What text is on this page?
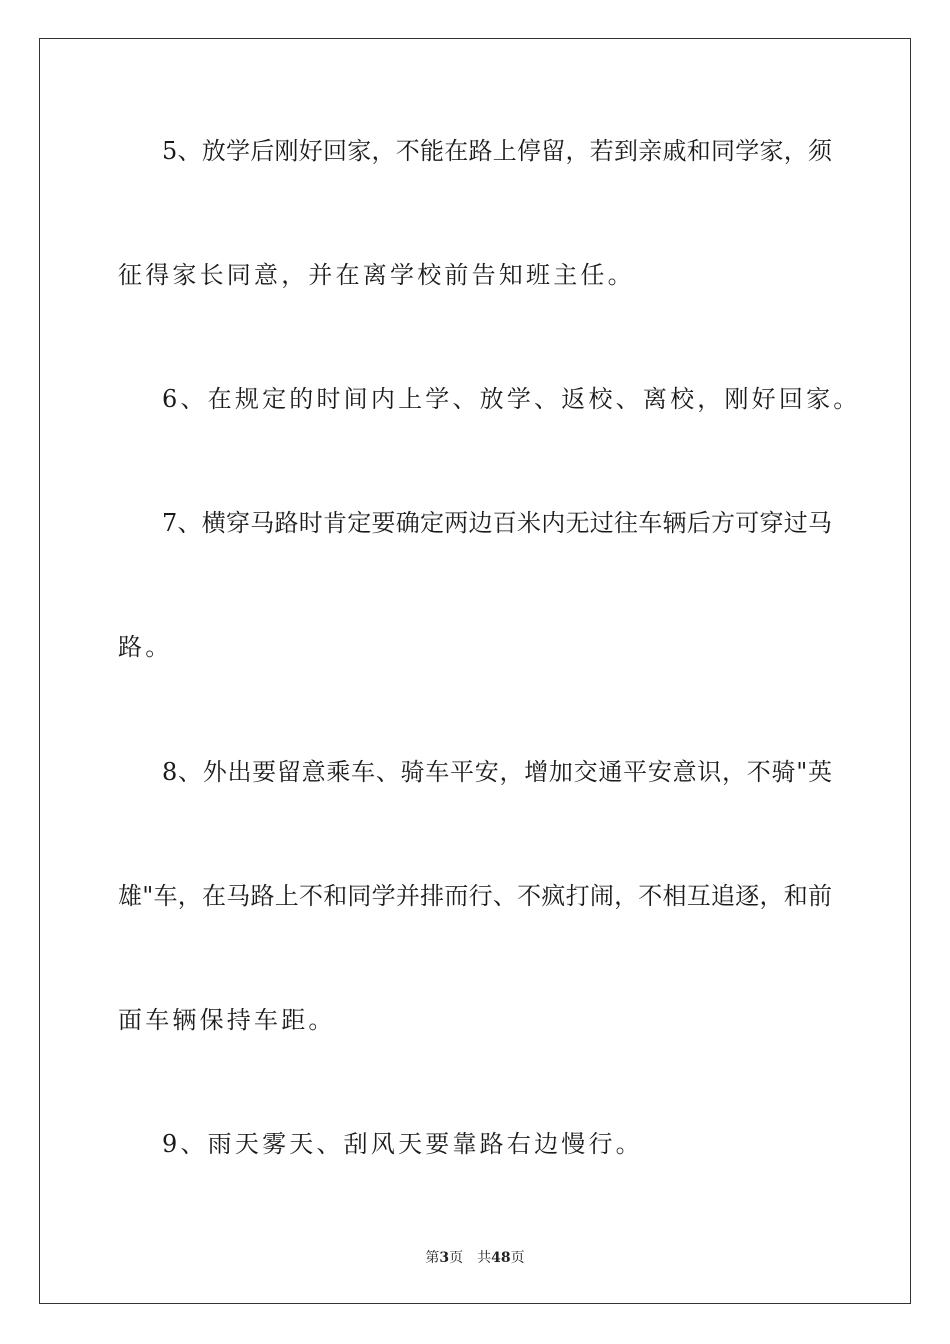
5、放学后刚好回家，不能在路上停留，若到亲戚和同学家，须
征得家长同意，并在离学校前告知班主任。
6、在规定的时间内上学、放学、返校、离校，刚好回家。
7、横穿马路时肯定要确定两边百米内无过往车辆后方可穿过马
路。
8、外出要留意乘车、骑车平安，增加交通平安意识，不骑"英
雄"车，在马路上不和同学并排而行、不疯打闹，不相互追逐，和前
面车辆保持车距。
9、雨天雾天、刮风天要靠路右边慢行。
第3页 共48页
